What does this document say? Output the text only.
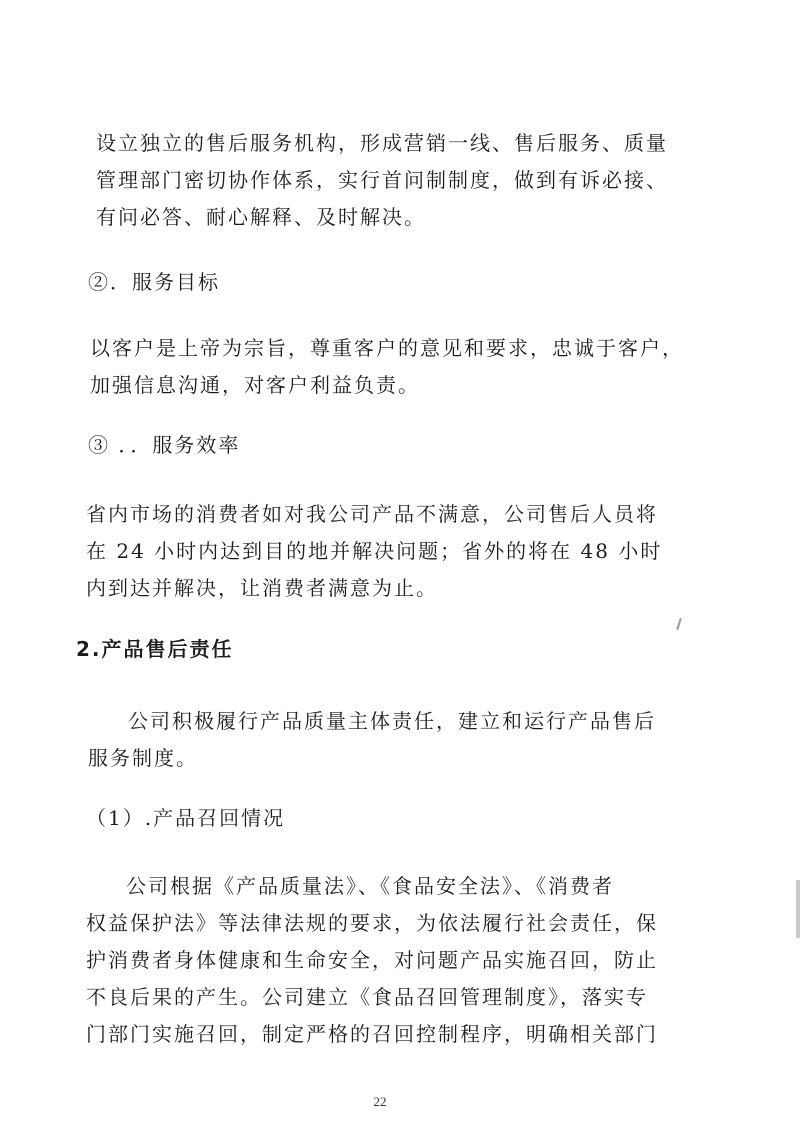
设立独立的售后服务机构，形成营销一线、售后服务、质量
管理部门密切协作体系，实行首问制制度，做到有诉必接、
有问必答、耐心解释、及时解决。
②．服务目标
以客户是上帝为宗旨，尊重客户的意见和要求，忠诚于客户，
加强信息沟通，对客户利益负责。
③ ．．服务效率
省内市场的消费者如对我公司产品不满意，公司售后人员将
在 24 小时内达到目的地并解决问题；省外的将在 48 小时
内到达并解决，让消费者满意为止。
2.产品售后责任
公司积极履行产品质量主体责任，建立和运行产品售后
服务制度。
（1）.产品召回情况
公司根据《产品质量法》、《食品安全法》、《消费者
权益保护法》等法律法规的要求，为依法履行社会责任，保
护消费者身体健康和生命安全，对问题产品实施召回，防止
不良后果的产生。公司建立《食品召回管理制度》，落实专
门部门实施召回，制定严格的召回控制程序，明确相关部门
22
